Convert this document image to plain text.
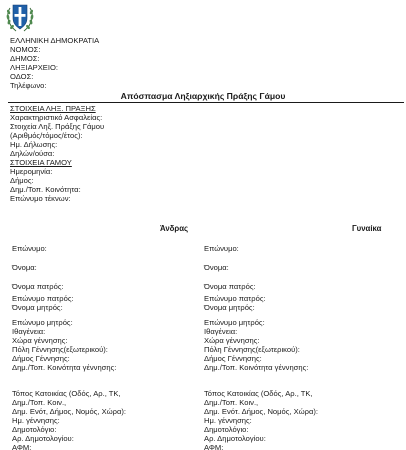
ΕΛΛΗΝΙΚΗ ΔΗΜΟΚΡΑΤΙΑ
ΝΟΜΟΣ:
ΔΗΜΟΣ:
ΛΗΞΙΑΡΧΕΙΟ:
ΟΔΟΣ:
Τηλέφωνο:
Απόσπασμα Ληξιαρχικής Πράξης Γάμου
ΣΤΟΙΧΕΙΑ ΛΗΞ. ΠΡΑΞΗΣ
Χαρακτηριστικό Ασφαλείας:
Στοιχεία Ληξ. Πράξης Γάμου
(Αριθμός/τόμος/έτος):
Ημ. Δήλωσης:
Δηλών/ούσα:
ΣΤΟΙΧΕΙΑ ΓΑΜΟΥ
Ημερομηνία:
Δήμος:
Δημ./Τοπ. Κοινότητα:
Επώνυμο τέκνων:
Άνδρας	Γυναίκα
Επώνυμο:
Όνομα:
Όνομα πατρός:
Επώνυμο πατρός:
Όνομα μητρός:
Επώνυμο μητρός:
Ιθαγένεια:
Χώρα γέννησης:
Πόλη Γέννησης(εξωτερικού):
Δήμος Γέννησης:
Δημ./Τοπ. Κοινότητα γέννησης:
Τόπος Κατοικίας (Οδός, Αρ., ΤΚ,
Δημ./Τοπ. Κοιν.,
Δημ. Ενότ, Δήμος, Νομός, Χώρα):
Ημ. γέννησης:
Δημοτολόγιο:
Αρ. Δημοτολογίου:
ΑΦΜ:
Επώνυμο:
Όνομα:
Όνομα πατρός:
Επώνυμο πατρός:
Όνομα μητρός:
Επώνυμο μητρός:
Ιθαγένεια:
Χώρα γέννησης:
Πόλη Γέννησης(εξωτερικού):
Δήμος Γέννησης:
Δημ./Τοπ. Κοινότητα γέννησης:
Τόπος Κατοικίας (Οδός, Αρ., ΤΚ,
Δημ./Τοπ. Κοιν.,
Δημ. Ενότ. Δήμος, Νομός, Χώρα):
Ημ. γέννησης:
Δημοτολόγιο:
Αρ. Δημοτολογίου:
ΑΦΜ:
